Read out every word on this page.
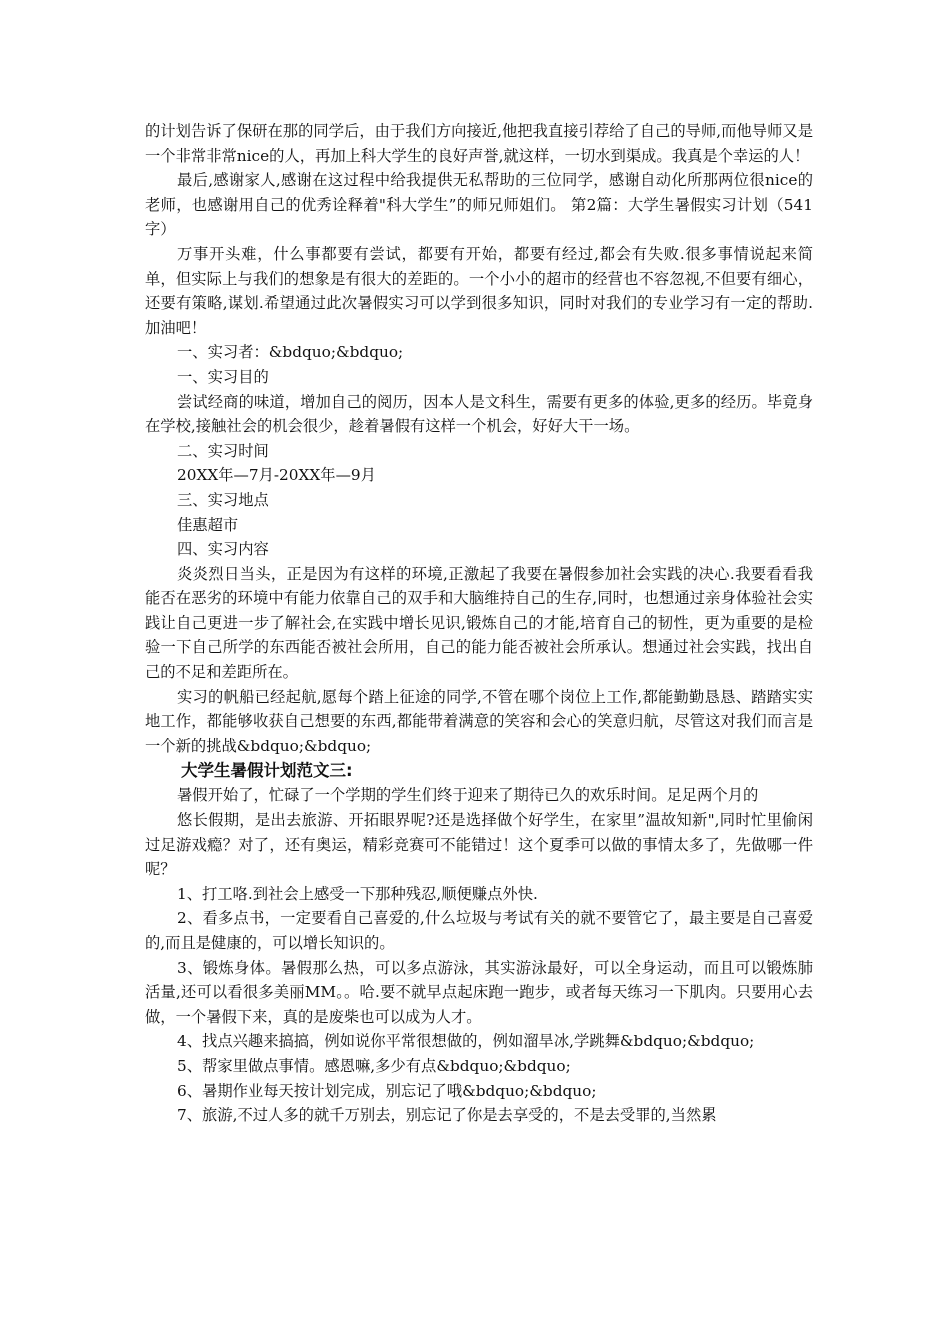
的计划告诉了保研在那的同学后，由于我们方向接近,他把我直接引荐给了自己的导师,而他导师又是一个非常非常nice的人，再加上科大学生的良好声誉,就这样，一切水到渠成。我真是个幸运的人！

最后,感谢家人,感谢在这过程中给我提供无私帮助的三位同学，感谢自动化所那两位很nice的老师，也感谢用自己的优秀诠释着"科大学生”的师兄师姐们。 第2篇：大学生暑假实习计划（541字）

万事开头难，什么事都要有尝试，都要有开始，都要有经过,都会有失败.很多事情说起来简单，但实际上与我们的想象是有很大的差距的。一个小小的超市的经营也不容忽视,不但要有细心，还要有策略,谋划.希望通过此次暑假实习可以学到很多知识，同时对我们的专业学习有一定的帮助.加油吧！

一、实习者：&bdquo;&bdquo;

一、实习目的

尝试经商的味道，增加自己的阅历，因本人是文科生，需要有更多的体验,更多的经历。毕竟身在学校,接触社会的机会很少，趁着暑假有这样一个机会，好好大干一场。

二、实习时间

20XX年—7月-20XX年—9月

三、实习地点

佳惠超市

四、实习内容

炎炎烈日当头，正是因为有这样的环境,正激起了我要在暑假参加社会实践的决心.我要看看我能否在恶劣的环境中有能力依靠自己的双手和大脑维持自己的生存,同时，也想通过亲身体验社会实践让自己更进一步了解社会,在实践中增长见识,锻炼自己的才能,培育自己的韧性，更为重要的是检验一下自己所学的东西能否被社会所用，自己的能力能否被社会所承认。想通过社会实践，找出自己的不足和差距所在。

实习的帆船已经起航,愿每个踏上征途的同学,不管在哪个岗位上工作,都能勤勤恳恳、踏踏实实地工作，都能够收获自己想要的东西,都能带着满意的笑容和会心的笑意归航，尽管这对我们而言是一个新的挑战&bdquo;&bdquo;

大学生暑假计划范文三:

暑假开始了，忙碌了一个学期的学生们终于迎来了期待已久的欢乐时间。足足两个月的

悠长假期，是出去旅游、开拓眼界呢?还是选择做个好学生，在家里”温故知新",同时忙里偷闲过足游戏瘾？对了，还有奥运，精彩竞赛可不能错过！这个夏季可以做的事情太多了，先做哪一件呢？

1、打工咯.到社会上感受一下那种残忍,顺便赚点外快.

2、看多点书，一定要看自己喜爱的,什么垃圾与考试有关的就不要管它了，最主要是自己喜爱的,而且是健康的，可以增长知识的。

3、锻炼身体。暑假那么热，可以多点游泳，其实游泳最好，可以全身运动，而且可以锻炼肺活量,还可以看很多美丽MM。。哈.要不就早点起床跑一跑步，或者每天练习一下肌肉。只要用心去做，一个暑假下来，真的是废柴也可以成为人才。

4、找点兴趣来搞搞，例如说你平常很想做的，例如溜旱冰,学跳舞&bdquo;&bdquo;

5、帮家里做点事情。感恩嘛,多少有点&bdquo;&bdquo;

6、暑期作业每天按计划完成，别忘记了哦&bdquo;&bdquo;

7、旅游,不过人多的就千万别去，别忘记了你是去享受的，不是去受罪的,当然累
